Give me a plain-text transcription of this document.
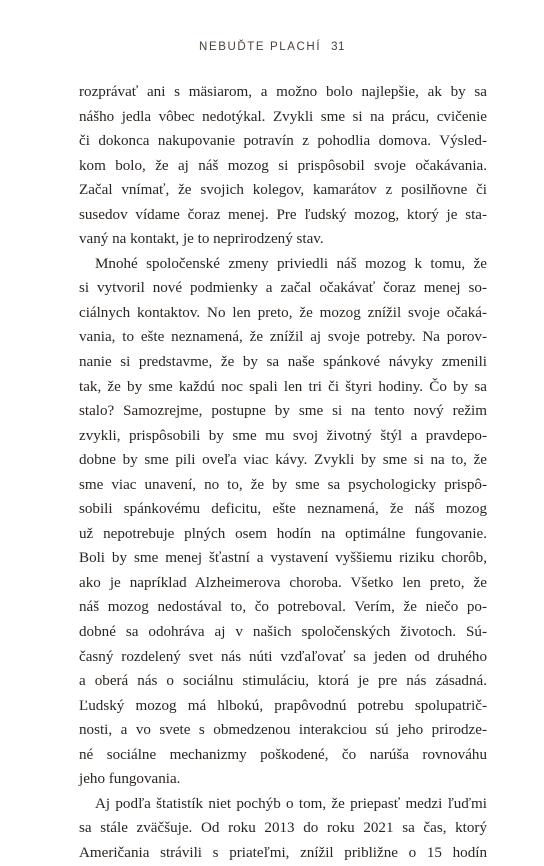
NEBUĎTE PLACHÍ 31
rozprávať ani s mäsiarom, a možno bolo najlepšie, ak by sa
nášho jedla vôbec nedotýkal. Zvykli sme si na prácu, cvičenie
či dokonca nakupovanie potravín z pohodlia domova. Výsled-
kom bolo, že aj náš mozog si prispôsobil svoje očakávania.
Začal vnímať, že svojich kolegov, kamarátov z posilňovne či
susedov vídame čoraz menej. Pre ľudský mozog, ktorý je sta-
vaný na kontakt, je to neprirodzený stav.
Mnohé spoločenské zmeny priviedli náš mozog k tomu, že
si vytvoril nové podmienky a začal očakávať čoraz menej so-
ciálnych kontaktov. No len preto, že mozog znížil svoje očaká-
vania, to ešte neznamená, že znížil aj svoje potreby. Na porov-
nanie si predstavme, že by sa naše spánkové návyky zmenili
tak, že by sme každú noc spali len tri či štyri hodiny. Čo by sa
stalo? Samozrejme, postupne by sme si na tento nový režim
zvykli, prispôsobili by sme mu svoj životný štýl a pravdepo-
dobne by sme pili oveľa viac kávy. Zvykli by sme si na to, že
sme viac unavení, no to, že by sme sa psychologicky prispô-
sobili spánkovému deficitu, ešte neznamená, že náš mozog
už nepotrebuje plných osem hodín na optimálne fungovanie.
Boli by sme menej šťastní a vystavení vyššiemu riziku chorôb,
ako je napríklad Alzheimerova choroba. Všetko len preto, že
náš mozog nedostával to, čo potreboval. Verím, že niečo po-
dobné sa odohráva aj v našich spoločenských životoch. Sú-
časný rozdelený svet nás núti vzďaľovať sa jeden od druhého
a oberá nás o sociálnu stimuláciu, ktorá je pre nás zásadná.
Ľudský mozog má hlbokú, prapôvodnú potrebu spolupatrič-
nosti, a vo svete s obmedzenou interakciou sú jeho prirodze-
né sociálne mechanizmy poškodené, čo narúša rovnováhu
jeho fungovania.
Aj podľa štatistík niet pochýb o tom, že priepasť medzi ľuďmi
sa stále zväčšuje. Od roku 2013 do roku 2021 sa čas, ktorý
Američania strávili s priateľmi, znížil približne o 15 hodín
